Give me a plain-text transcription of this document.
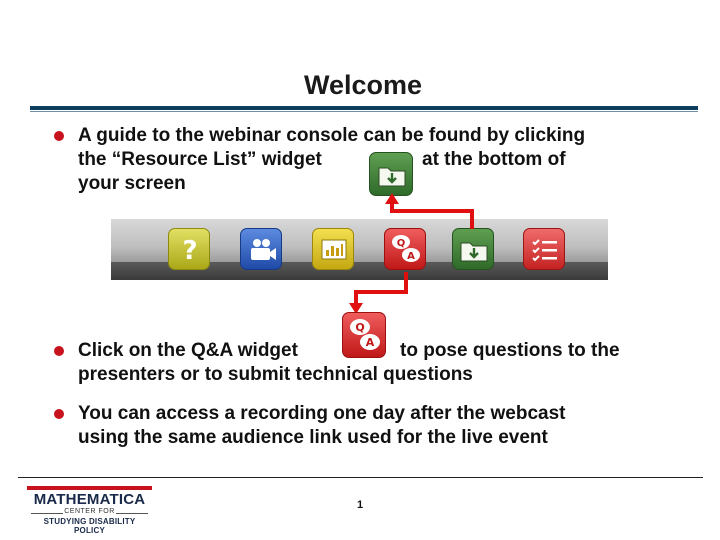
Welcome
A guide to the webinar console can be found by clicking
the “Resource List” widget	at the bottom of
your screen
?	Q
A
Q
A
Click on the Q&A widget	to pose questions to the
presenters or to submit technical questions
You can access a recording one day after the webcast
using the same audience link used for the live event
MATHEMATICA
CENTER FOR
STUDYING DISABILITY POLICY
1
